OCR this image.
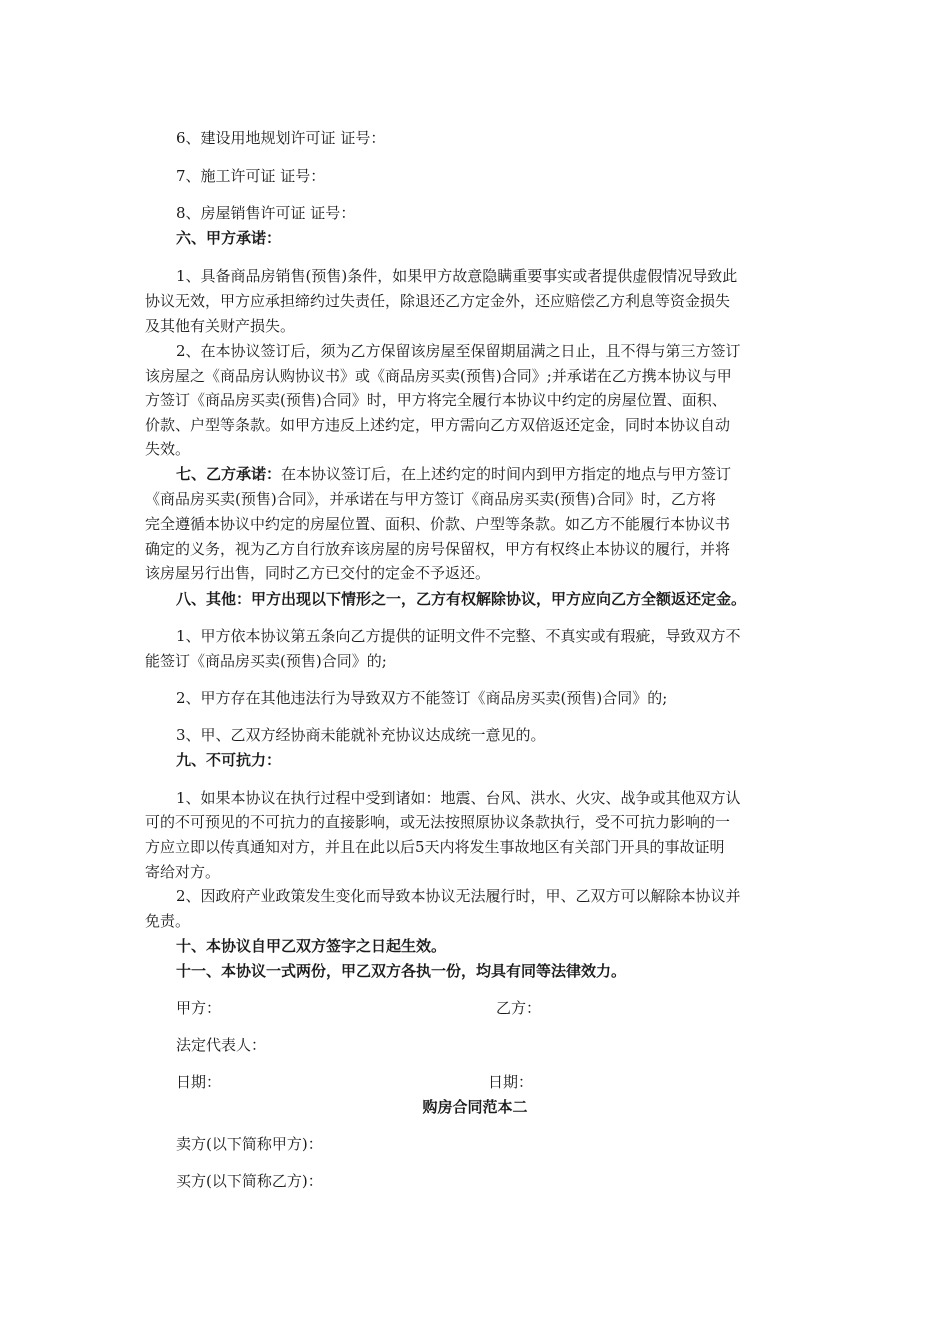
6、建设用地规划许可证 证号：
7、施工许可证 证号：
8、房屋销售许可证 证号：
六、甲方承诺：
1、具备商品房销售(预售)条件，如果甲方故意隐瞒重要事实或者提供虚假情况导致此
协议无效，甲方应承担缔约过失责任，除退还乙方定金外，还应赔偿乙方利息等资金损失
及其他有关财产损失。
2、在本协议签订后，须为乙方保留该房屋至保留期届满之日止，且不得与第三方签订
该房屋之《商品房认购协议书》或《商品房买卖(预售)合同》;并承诺在乙方携本协议与甲
方签订《商品房买卖(预售)合同》时，甲方将完全履行本协议中约定的房屋位置、面积、
价款、户型等条款。如甲方违反上述约定，甲方需向乙方双倍返还定金，同时本协议自动
失效。
七、乙方承诺：在本协议签订后，在上述约定的时间内到甲方指定的地点与甲方签订
《商品房买卖(预售)合同》，并承诺在与甲方签订《商品房买卖(预售)合同》时，乙方将
完全遵循本协议中约定的房屋位置、面积、价款、户型等条款。如乙方不能履行本协议书
确定的义务，视为乙方自行放弃该房屋的房号保留权，甲方有权终止本协议的履行，并将
该房屋另行出售，同时乙方已交付的定金不予返还。
八、其他：甲方出现以下情形之一，乙方有权解除协议，甲方应向乙方全额返还定金。
1、甲方依本协议第五条向乙方提供的证明文件不完整、不真实或有瑕疵，导致双方不
能签订《商品房买卖(预售)合同》的;
2、甲方存在其他违法行为导致双方不能签订《商品房买卖(预售)合同》的;
3、甲、乙双方经协商未能就补充协议达成统一意见的。
九、不可抗力：
1、如果本协议在执行过程中受到诸如：地震、台风、洪水、火灾、战争或其他双方认
可的不可预见的不可抗力的直接影响，或无法按照原协议条款执行，受不可抗力影响的一
方应立即以传真通知对方，并且在此以后5天内将发生事故地区有关部门开具的事故证明
寄给对方。
2、因政府产业政策发生变化而导致本协议无法履行时，甲、乙双方可以解除本协议并
免责。
十、本协议自甲乙双方签字之日起生效。
十一、本协议一式两份，甲乙双方各执一份，均具有同等法律效力。
甲方：	乙方：
法定代表人：
日期：	日期：
购房合同范本二
卖方(以下简称甲方)：
买方(以下简称乙方)：
